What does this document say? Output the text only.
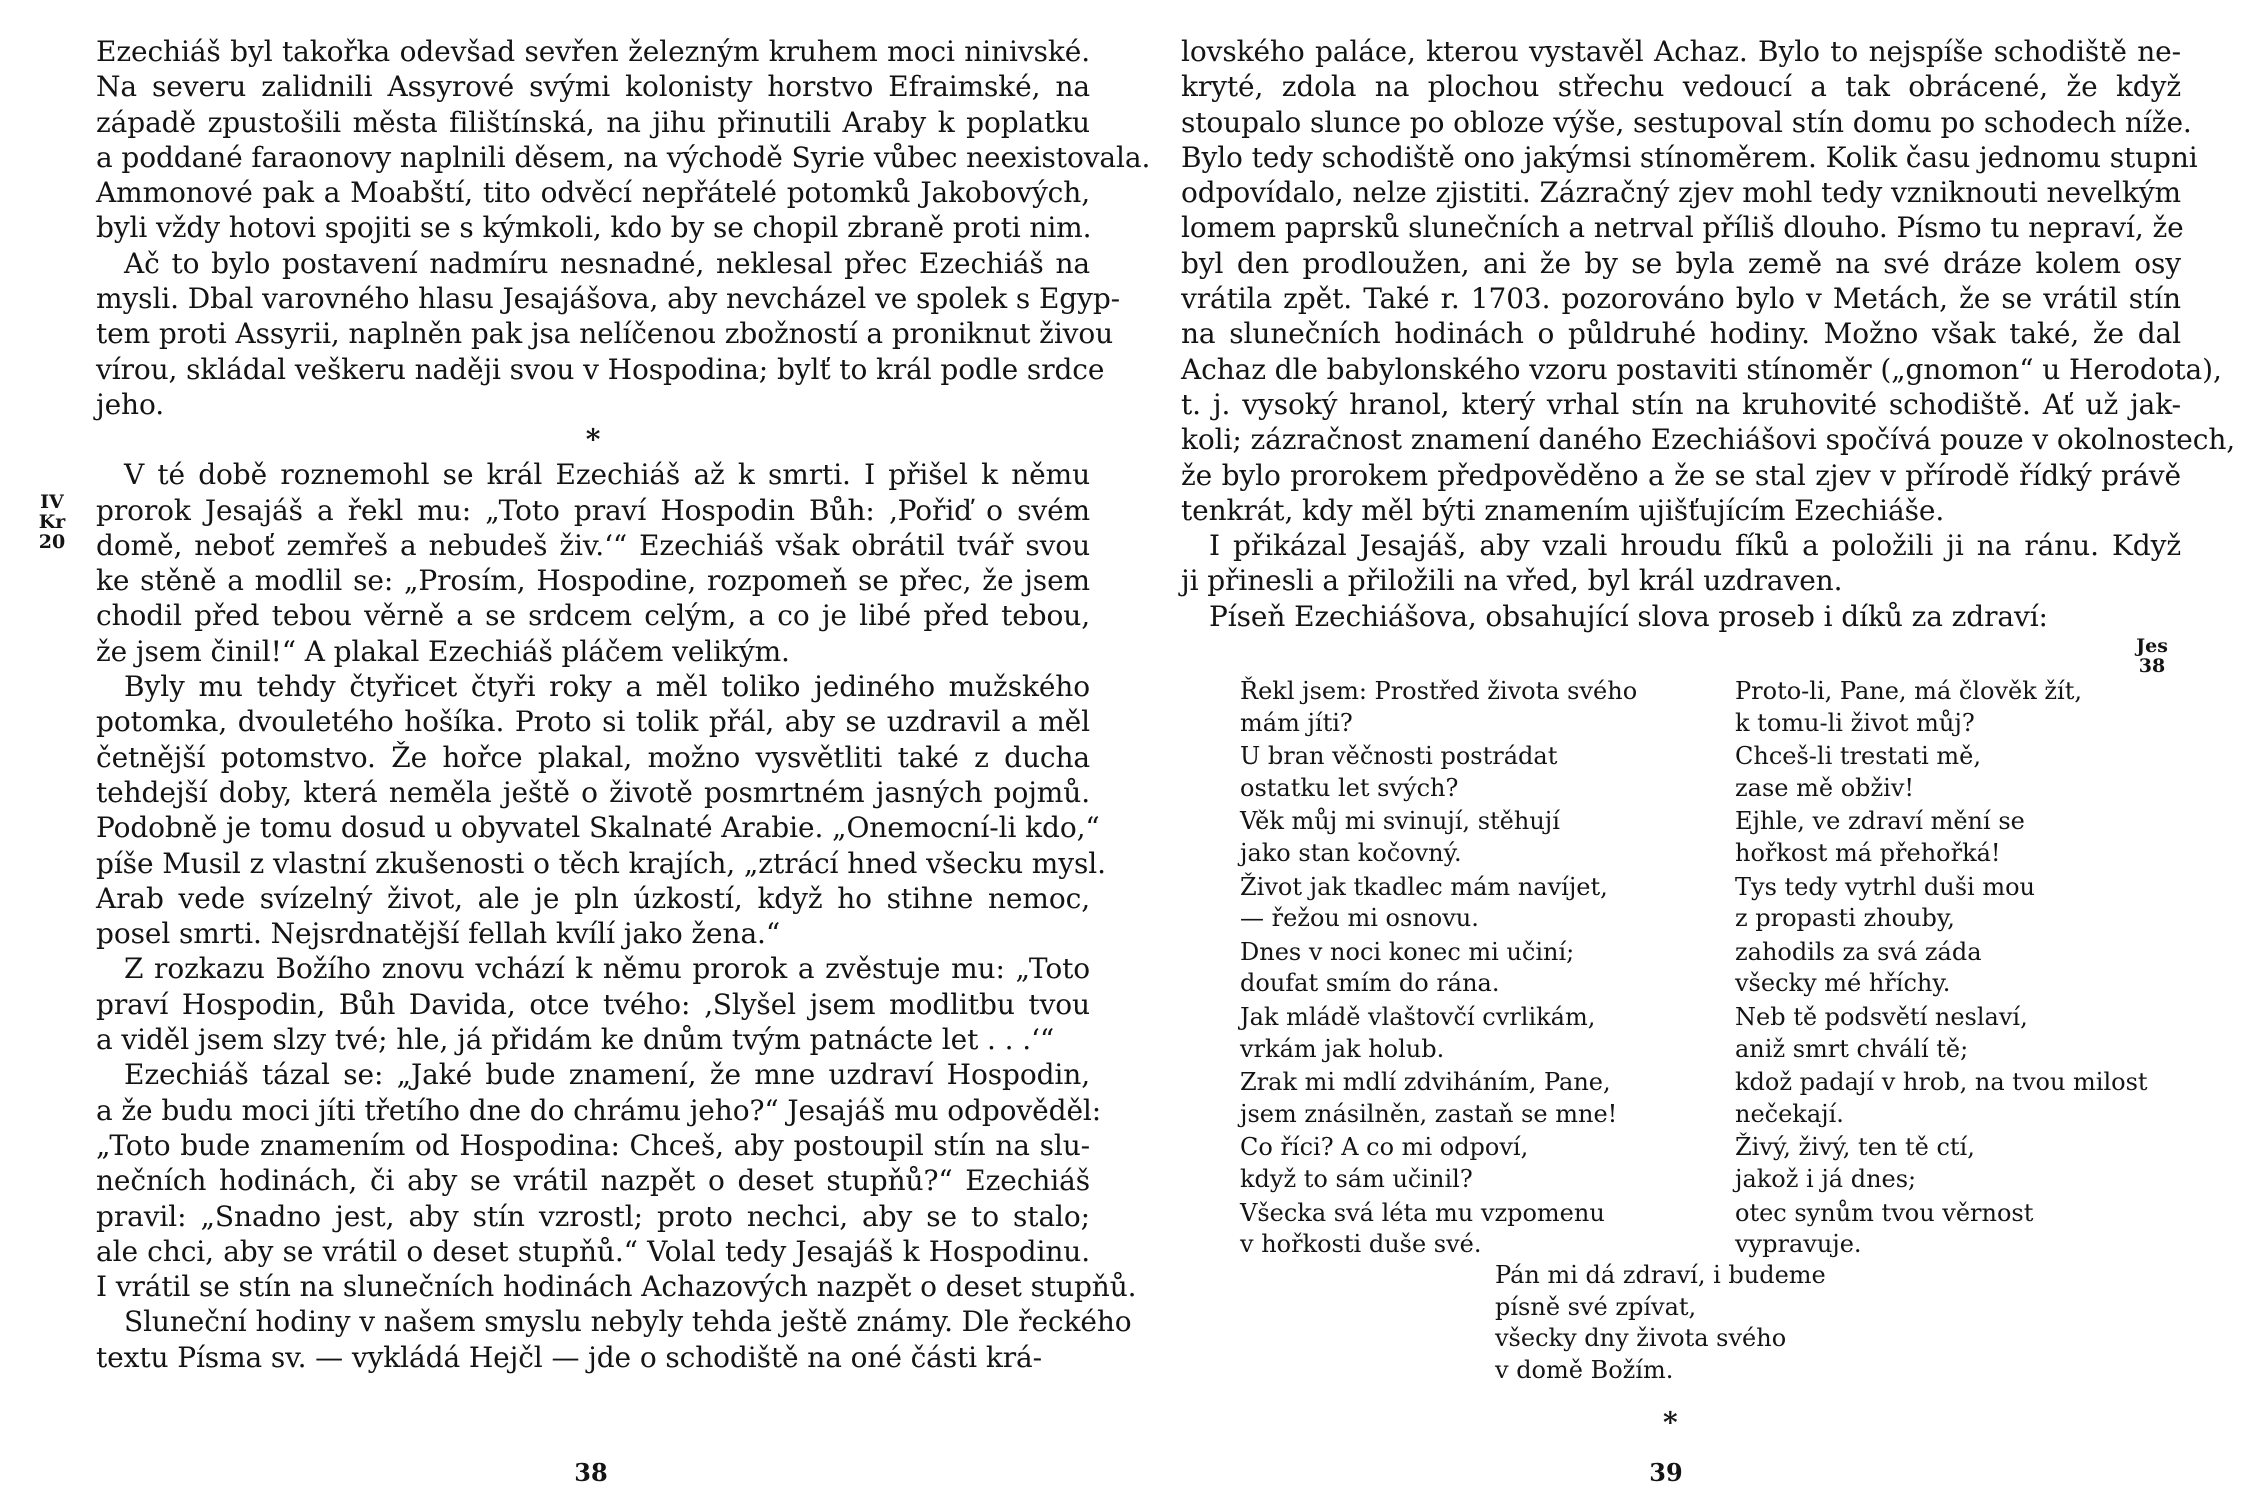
Ezechiáš byl takořka odevšad sevřen železným kruhem moci ninivské.
Na severu zalidnili Assyrové svými kolonisty horstvo Efraimské, na
západě zpustošili města filištínská, na jihu přinutili Araby k poplatku
a poddané faraonovy naplnili děsem, na východě Syrie vůbec neexistovala.
Ammonové pak a Moabští, tito odvěcí nepřátelé potomků Jakobových,
byli vždy hotovi spojiti se s kýmkoli, kdo by se chopil zbraně proti nim.
Ač to bylo postavení nadmíru nesnadné, neklesal přec Ezechiáš na
mysli. Dbal varovného hlasu Jesajášova, aby nevcházel ve spolek s Egyp-
tem proti Assyrii, naplněn pak jsa nelíčenou zbožností a proniknut živou
vírou, skládal veškeru naději svou v Hospodina; bylť to král podle srdce
jeho.
*
V té době roznemohl se král Ezechiáš až k smrti. I přišel k němu
prorok Jesajáš a řekl mu: „Toto praví Hospodin Bůh: ‚Pořiď o svém
domě, neboť zemřeš a nebudeš živ.‘“ Ezechiáš však obrátil tvář svou
ke stěně a modlil se: „Prosím, Hospodine, rozpomeň se přec, že jsem
chodil před tebou věrně a se srdcem celým, a co je libé před tebou,
že jsem činil!“ A plakal Ezechiáš pláčem velikým.
Byly mu tehdy čtyřicet čtyři roky a měl toliko jediného mužského
potomka, dvouletého hošíka. Proto si tolik přál, aby se uzdravil a měl
četnější potomstvo. Že hořce plakal, možno vysvětliti také z ducha
tehdejší doby, která neměla ještě o životě posmrtném jasných pojmů.
Podobně je tomu dosud u obyvatel Skalnaté Arabie. „Onemocní-li kdo,“
píše Musil z vlastní zkušenosti o těch krajích, „ztrácí hned všecku mysl.
Arab vede svízelný život, ale je pln úzkostí, když ho stihne nemoc,
posel smrti. Nejsrdnatější fellah kvílí jako žena.“
Z rozkazu Božího znovu vchází k němu prorok a zvěstuje mu: „Toto
praví Hospodin, Bůh Davida, otce tvého: ‚Slyšel jsem modlitbu tvou
a viděl jsem slzy tvé; hle, já přidám ke dnům tvým patnácte let . . .‘“
Ezechiáš tázal se: „Jaké bude znamení, že mne uzdraví Hospodin,
a že budu moci jíti třetího dne do chrámu jeho?“ Jesajáš mu odpověděl:
„Toto bude znamením od Hospodina: Chceš, aby postoupil stín na slu-
nečních hodinách, či aby se vrátil nazpět o deset stupňů?“ Ezechiáš
pravil: „Snadno jest, aby stín vzrostl; proto nechci, aby se to stalo;
ale chci, aby se vrátil o deset stupňů.“ Volal tedy Jesajáš k Hospodinu.
I vrátil se stín na slunečních hodinách Achazových nazpět o deset stupňů.
Sluneční hodiny v našem smyslu nebyly tehda ještě známy. Dle řeckého
textu Písma sv. — vykládá Hejčl — jde o schodiště na oné části krá-
IV Kr
20
38
lovského paláce, kterou vystavěl Achaz. Bylo to nejspíše schodiště ne-
kryté, zdola na plochou střechu vedoucí a tak obrácené, že když
stoupalo slunce po obloze výše, sestupoval stín domu po schodech níže.
Bylo tedy schodiště ono jakýmsi stínoměrem. Kolik času jednomu stupni
odpovídalo, nelze zjistiti. Zázračný zjev mohl tedy vzniknouti nevelkým
lomem paprsků slunečních a netrval příliš dlouho. Písmo tu nepraví, že
byl den prodloužen, ani že by se byla země na své dráze kolem osy
vrátila zpět. Také r. 1703. pozorováno bylo v Metách, že se vrátil stín
na slunečních hodinách o půldruhé hodiny. Možno však také, že dal
Achaz dle babylonského vzoru postaviti stínoměr („gnomon“ u Herodota),
t. j. vysoký hranol, který vrhal stín na kruhovité schodiště. Ať už jak-
koli; zázračnost znamení daného Ezechiášovi spočívá pouze v okolnostech,
že bylo prorokem předpověděno a že se stal zjev v přírodě řídký právě
tenkrát, kdy měl býti znamením ujišťujícím Ezechiáše.
I přikázal Jesajáš, aby vzali hroudu fíků a položili ji na ránu. Když
ji přinesli a přiložili na vřed, byl král uzdraven.
Píseň Ezechiášova, obsahující slova proseb i díků za zdraví:
Jes
38
Řekl jsem: Prostřed života svého
mám jíti?
U bran věčnosti postrádat
ostatku let svých?
Věk můj mi svinují, stěhují
jako stan kočovný.
Život jak tkadlec mám navíjet,
— řežou mi osnovu.
Dnes v noci konec mi učiní;
doufat smím do rána.
Jak mládě vlaštovčí cvrlikám,
vrkám jak holub.
Zrak mi mdlí zdviháním, Pane,
jsem znásilněn, zastaň se mne!
Co říci? A co mi odpoví,
když to sám učinil?
Všecka svá léta mu vzpomenu
v hořkosti duše své.
Proto-li, Pane, má člověk žít,
k tomu-li život můj?
Chceš-li trestati mě,
zase mě obživ!
Ejhle, ve zdraví mění se
hořkost má přehořká!
Tys tedy vytrhl duši mou
z propasti zhouby,
zahodils za svá záda
všecky mé hříchy.
Neb tě podsvětí neslaví,
aniž smrt chválí tě;
kdož padají v hrob, na tvou milost
nečekají.
Živý, živý, ten tě ctí,
jakož i já dnes;
otec synům tvou věrnost
vypravuje.
Pán mi dá zdraví, i budeme
písně své zpívat,
všecky dny života svého
v domě Božím.
*
39
